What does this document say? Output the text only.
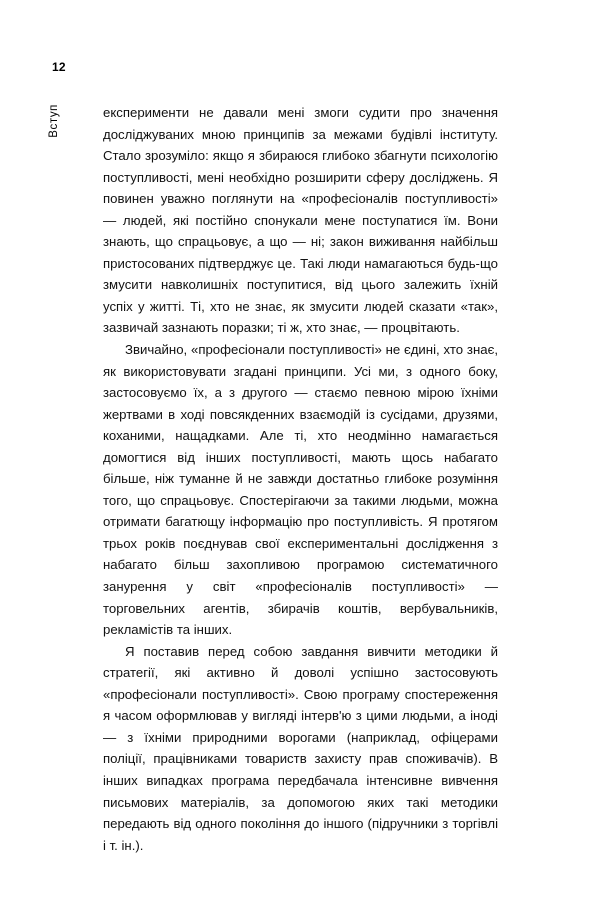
12
Вступ	експерименти не давали мені змоги судити про значення досліджуваних мною принципів за межами будівлі інституту. Стало зрозуміло: якщо я збираюся глибоко збагнути психологію поступливості, мені необхідно розширити сферу досліджень. Я повинен уважно поглянути на «професіоналів поступливості» — людей, які постійно спонукали мене поступатися їм. Вони знають, що спрацьовує, а що — ні; закон виживання найбільш пристосованих підтверджує це. Такі люди намагаються будь-що змусити навколишніх поступитися, від цього залежить їхній успіх у житті. Ті, хто не знає, як змусити людей сказати «так», зазвичай зазнають поразки; ті ж, хто знає, — процвітають.

Звичайно, «професіонали поступливості» не єдині, хто знає, як використовувати згадані принципи. Усі ми, з одного боку, застосовуємо їх, а з другого — стаємо певною мірою їхніми жертвами в ході повсякденних взаємодій із сусідами, друзями, коханими, нащадками. Але ті, хто неодмінно намагається домогтися від інших поступливості, мають щось набагато більше, ніж туманне й не завжди достатньо глибоке розуміння того, що спрацьовує. Спостерігаючи за такими людьми, можна отримати багатющу інформацію про поступливість. Я протягом трьох років поєднував свої експериментальні дослідження з набагато більш захопливою програмою систематичного занурення у світ «професіоналів поступливості» — торговельних агентів, збирачів коштів, вербувальників, рекламістів та інших.

Я поставив перед собою завдання вивчити методики й стратегії, які активно й доволі успішно застосовують «професіонали поступливості». Свою програму спостереження я часом оформлював у вигляді інтерв'ю з цими людьми, а іноді — з їхніми природними ворогами (наприклад, офіцерами поліції, працівниками товариств захисту прав споживачів). В інших випадках програма передбачала інтенсивне вивчення письмових матеріалів, за допомогою яких такі методики передають від одного покоління до іншого (підручники з торгівлі і т. ін.).
